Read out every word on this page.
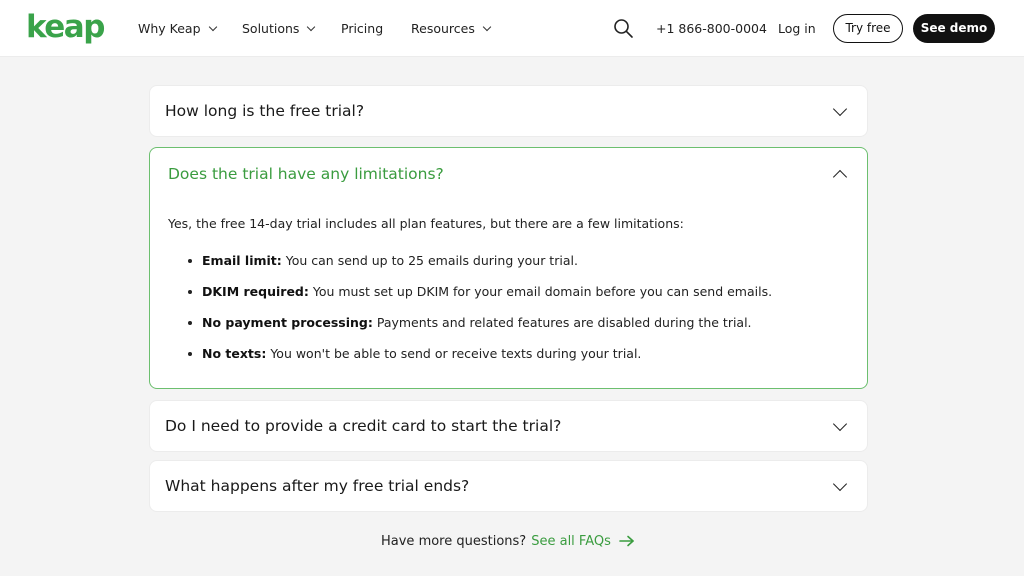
keap	Why Keap	Solutions	Pricing Resources	+1 866-800-0004 Log in	Try free	See demo
How long is the free trial?
Does the trial have any limitations?
Yes, the free 14-day trial includes all plan features, but there are a few limitations:
Email limit: You can send up to 25 emails during your trial.
DKIM required: You must set up DKIM for your email domain before you can send emails.
No payment processing: Payments and related features are disabled during the trial.
No texts: You won't be able to send or receive texts during your trial.
Do I need to provide a credit card to start the trial?
What happens after my free trial ends?
Have more questions? See all FAQs
